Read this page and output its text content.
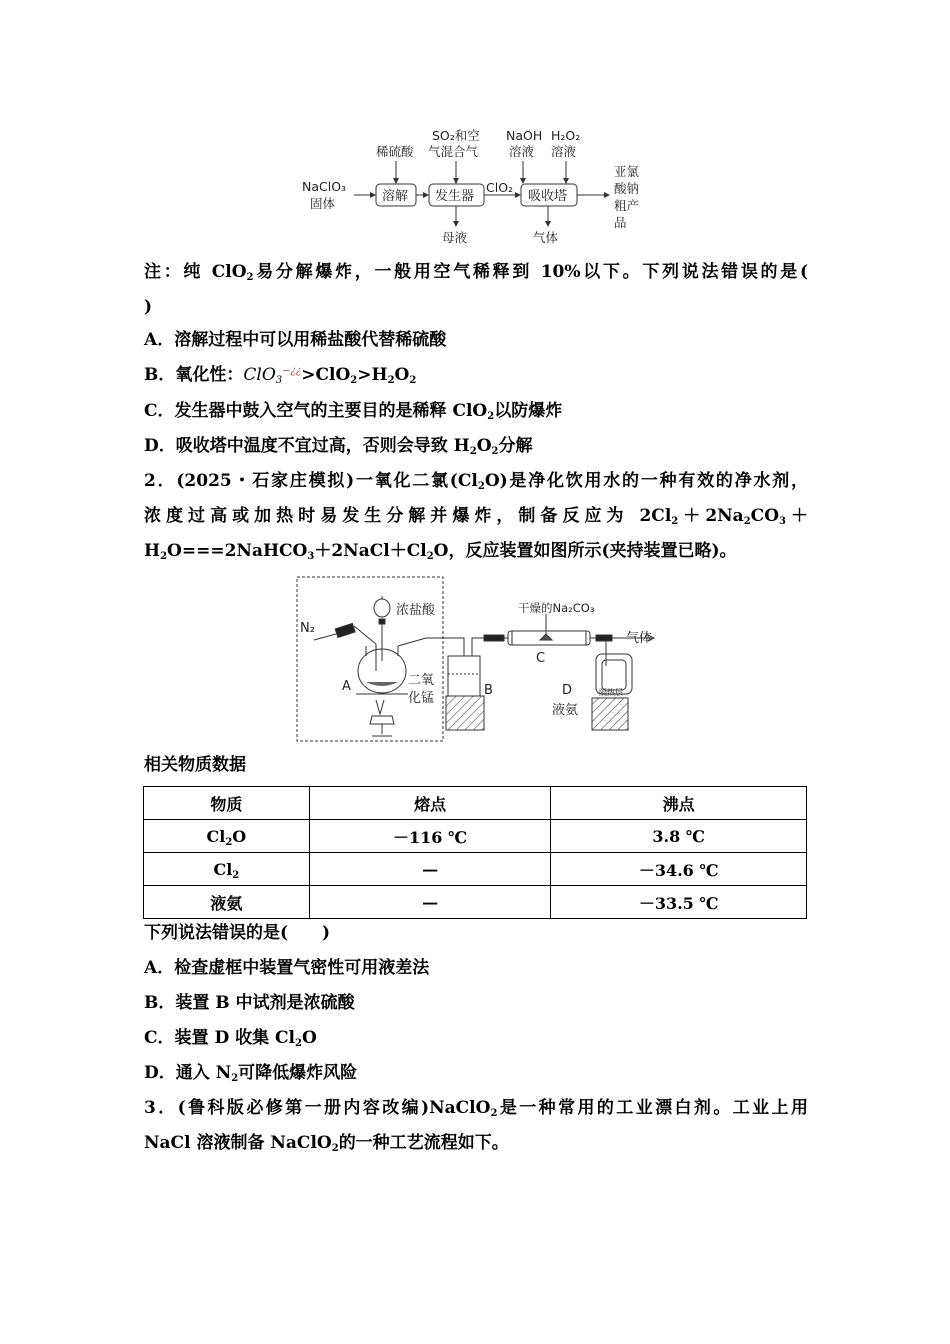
NaClO₃
固体
稀硫酸
SO₂和空
气混合气
NaOH
溶液
H₂O₂
溶液
ClO₂
母液	气体
亚氯
酸钠
粗产
品
溶解 发生器	吸收塔

注：纯 ClO$_2$易分解爆炸，一般用空气稀释到 10%以下。下列说法错误的是(

)

A．溶解过程中可以用稀盐酸代替稀硫酸

B．氧化性：$ClO_3^{-¿¿}>ClO_2>H_2O_2$

C．发生器中鼓入空气的主要目的是稀释 ClO$_2$以防爆炸

D．吸收塔中温度不宜过高，否则会导致 $H_2O_2$分解

2．(2025・石家庄模拟)一氧化二氯$(Cl_2O)$是净化饮用水的一种有效的净水剂，

浓度过高或加热时易发生分解并爆炸，制备反应为 $2Cl_2+2Na_2CO_3+$

$H_2O===2NaHCO_3+2NaCl+Cl_2O$，反应装置如图所示(夹持装置已略)。

浓盐酸
N₂
A	二氧
化锰
B
干燥的Na₂CO₃
C
气体
D
液氨
隔热层

相关物质数据

物质	熔点	沸点
$Cl_2O$	－116 ℃	3.8 ℃
$Cl_2$	—	－34.6 ℃
液氨	—	－33.5 ℃

下列说法错误的是(　　)

A．检查虚框中装置气密性可用液差法

B．装置 B 中试剂是浓硫酸

C．装置 D 收集 $Cl_2O$

D．通入 $N_2$可降低爆炸风险

3．(鲁科版必修第一册内容改编)NaClO$_2$是一种常用的工业漂白剂。工业上用

NaCl 溶液制备 NaClO$_2$的一种工艺流程如下。
